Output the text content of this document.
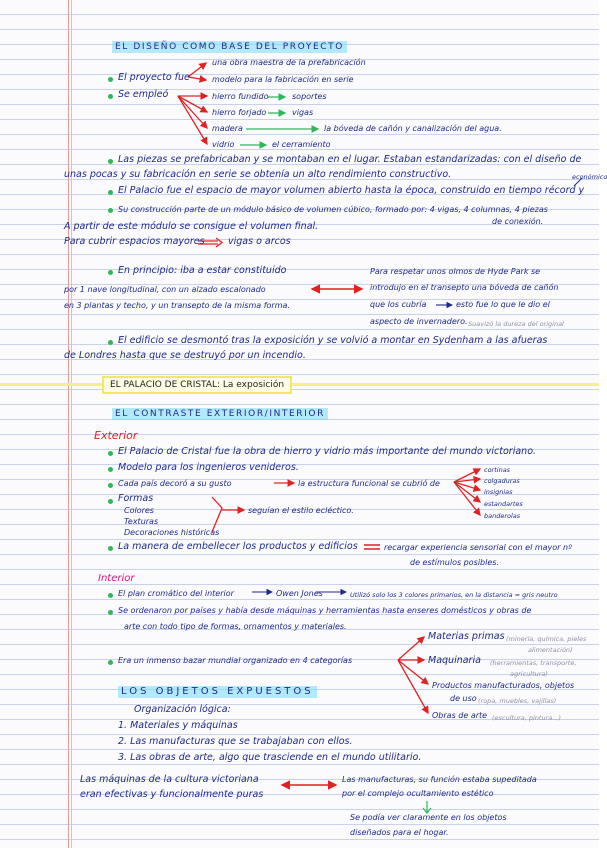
EL DISEÑO COMO BASE DEL PROYECTO
una obra maestra de la prefabricación
El proyecto fue	modelo para la fabricación en serie
Se empleó	hierro fundido	soportes
hierro forjado	vigas
madera	la bóveda de cañón y canalización del agua.
vidrio	el cerramiento
Las piezas se prefabricaban y se montaban en el lugar. Estaban estandarizadas: con el diseño de
unas pocas y su fabricación en serie se obtenía un alto rendimiento constructivo.
El Palacio fue el espacio de mayor volumen abierto hasta la época, construido en tiempo récord y
económico
Su construcción parte de un módulo básico de volumen cúbico, formado por: 4 vigas, 4 columnas, 4 piezas
de conexión.
A partir de este módulo se consigue el volumen final.
Para cubrir espacios mayores vigas o arcos
En principio: iba a estar constituido
por 1 nave longitudinal, con un alzado escalonado
en 3 plantas y techo, y un transepto de la misma forma.
Para respetar unos olmos de Hyde Park se
introdujo en el transepto una bóveda de cañón
que los cubría	esto fue lo que le dio el
aspecto de invernadero. Suavizó la dureza del original
El edificio se desmontó tras la exposición y se volvió a montar en Sydenham a las afueras
de Londres hasta que se destruyó por un incendio.
EL PALACIO DE CRISTAL: La exposición
EL CONTRASTE EXTERIOR/INTERIOR
Exterior
El Palacio de Cristal fue la obra de hierro y vidrio más importante del mundo victoriano.
Modelo para los ingenieros venideros.
Cada país decoró a su gusto	la estructura funcional se cubrió de
cortinas
colgaduras
insignias
estandartes
banderolas
Formas
Colores
Texturas
Decoraciones históricas
seguían el estilo ecléctico.
La manera de embellecer los productos y edificios	recargar experiencia sensorial con el mayor nº
de estímulos posibles.
Interior
El plan cromático del interior	Owen Jones	Utilizó solo los 3 colores primarios, en la distancia = gris neutro
Se ordenaron por países y había desde máquinas y herramientas hasta enseres domésticos y obras de
arte con todo tipo de formas, ornamentos y materiales.
Era un inmenso bazar mundial organizado en 4 categorías
Materias primas (minería, química, pieles
alimentación)
Maquinaria (herramientas, transporte,
agricultura)
Productos manufacturados, objetos
de uso (ropa, muebles, vajillas)
Obras de arte (escultura, pintura...)
LOS OBJETOS EXPUESTOS
Organización lógica:
1. Materiales y máquinas
2. Las manufacturas que se trabajaban con ellos.
3. Las obras de arte, algo que trasciende en el mundo utilitario.
Las máquinas de la cultura victoriana
eran efectivas y funcionalmente puras
Las manufacturas, su función estaba supeditada
por el complejo ocultamiento estético
Se podía ver claramente en los objetos
diseñados para el hogar.
